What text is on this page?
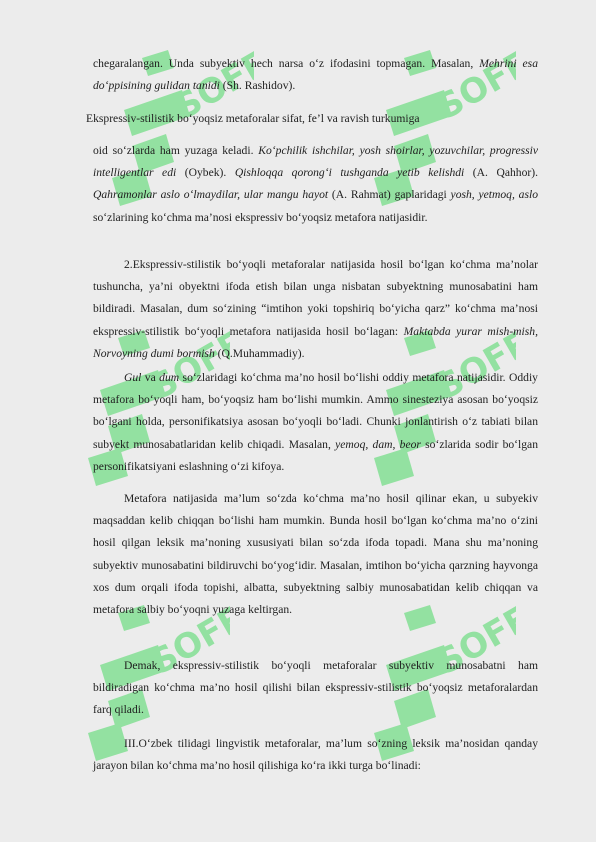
chegaralangan. Unda subyektiv hech narsa o‘z ifodasini topmagan. Masalan, Mehrini esa do‘ppisining gulidan tanidi (Sh. Rashidov).

Ekspressiv-stilistik bo‘yoqsiz metaforalar sifat, fe’l va ravish turkumiga

oid so‘zlarda ham yuzaga keladi. Ko‘pchilik ishchilar, yosh shoirlar, yozuvchilar, progressiv intelligentlar edi (Oybek). Qishloqqa qorong‘i tushganda yetib kelishdi (A. Qahhor). Qahramonlar aslo o‘lmaydilar, ular mangu hayot (A. Rahmat) gaplaridagi yosh, yetmoq, aslo so‘zlarining ko‘chma ma’nosi ekspressiv bo‘yoqsiz metafora natijasidir.

2.Ekspressiv-stilistik bo‘yoqli metaforalar natijasida hosil bo‘lgan ko‘chma ma’nolar tushuncha, ya’ni obyektni ifoda etish bilan unga nisbatan subyektning munosabatini ham bildiradi. Masalan, dum so‘zining “imtihon yoki topshiriq bo‘yicha qarz” ko‘chma ma’nosi ekspressiv-stilistik bo‘yoqli metafora natijasida hosil bo‘lagan: Maktabda yurar mish-mish, Norvoyning dumi bormish (Q.Muhammadiy).

Gul va dum so‘zlaridagi ko‘chma ma’no hosil bo‘lishi oddiy metafora natijasidir. Oddiy metafora bo‘yoqli ham, bo‘yoqsiz ham bo‘lishi mumkin. Ammo sinesteziya asosan bo‘yoqsiz bo‘lgani holda, personifikatsiya asosan bo‘yoqli bo‘ladi. Chunki jonlantirish o‘z tabiati bilan subyekt munosabatlaridan kelib chiqadi. Masalan, yemoq, dam, beor so‘zlarida sodir bo‘lgan personifikatsiyani eslashning o‘zi kifoya.

Metafora natijasida ma’lum so‘zda ko‘chma ma’no hosil qilinar ekan, u subyekiv maqsaddan kelib chiqqan bo‘lishi ham mumkin. Bunda hosil bo‘lgan ko‘chma ma’no o‘zini hosil qilgan leksik ma’noning xususiyati bilan so‘zda ifoda topadi. Mana shu ma’noning subyektiv munosabatini bildiruvchi bo‘yog‘idir. Masalan, imtihon bo‘yicha qarzning hayvonga xos dum orqali ifoda topishi, albatta, subyektning salbiy munosabatidan kelib chiqqan va metafora salbiy bo‘yoqni yuzaga keltirgan.

Demak, ekspressiv-stilistik bo‘yoqli metaforalar subyektiv munosabatni ham bildiradigan ko‘chma ma’no hosil qilishi bilan ekspressiv-stilistik bo‘yoqsiz metaforalardan farq qiladi.

III.O‘zbek tilidagi lingvistik metaforalar, ma’lum so‘zning leksik ma’nosidan qanday jarayon bilan ko‘chma ma’no hosil qilishiga ko‘ra ikki turga bo‘linadi:
